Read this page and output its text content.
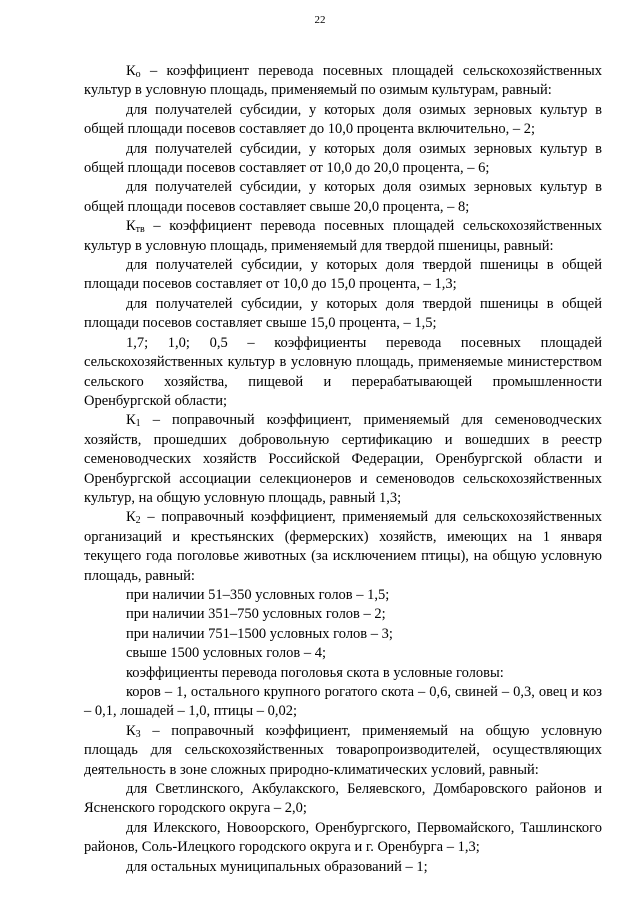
22

$К_о$ – коэффициент перевода посевных площадей сельскохозяйственных культур в условную площадь, применяемый по озимым культурам, равный:

для получателей субсидии, у которых доля озимых зерновых культур в общей площади посевов составляет до 10,0 процента включительно, – 2;

для получателей субсидии, у которых доля озимых зерновых культур в общей площади посевов составляет от 10,0 до 20,0 процента, – 6;

для получателей субсидии, у которых доля озимых зерновых культур в общей площади посевов составляет свыше 20,0 процента, – 8;

$К_{тв}$ – коэффициент перевода посевных площадей сельскохозяйственных культур в условную площадь, применяемый для твердой пшеницы, равный:

для получателей субсидии, у которых доля твердой пшеницы в общей площади посевов составляет от 10,0 до 15,0 процента, – 1,3;

для получателей субсидии, у которых доля твердой пшеницы в общей площади посевов составляет свыше 15,0 процента, – 1,5;

1,7; 1,0; 0,5 – коэффициенты перевода посевных площадей сельскохозяйственных культур в условную площадь, применяемые министерством сельского хозяйства, пищевой и перерабатывающей промышленности Оренбургской области;

$К_1$ – поправочный коэффициент, применяемый для семеноводческих хозяйств, прошедших добровольную сертификацию и вошедших в реестр семеноводческих хозяйств Российской Федерации, Оренбургской области и Оренбургской ассоциации селекционеров и семеноводов сельскохозяйственных культур, на общую условную площадь, равный 1,3;

$К_2$ – поправочный коэффициент, применяемый для сельскохозяйственных организаций и крестьянских (фермерских) хозяйств, имеющих на 1 января текущего года поголовье животных (за исключением птицы), на общую условную площадь, равный:

при наличии 51–350 условных голов – 1,5;

при наличии 351–750 условных голов – 2;

при наличии 751–1500 условных голов – 3;

свыше 1500 условных голов – 4;

коэффициенты перевода поголовья скота в условные головы:

коров – 1, остального крупного рогатого скота – 0,6, свиней – 0,3, овец и коз – 0,1, лошадей – 1,0, птицы – 0,02;

$К_3$ – поправочный коэффициент, применяемый на общую условную площадь для сельскохозяйственных товаропроизводителей, осуществляющих деятельность в зоне сложных природно-климатических условий, равный:

для Светлинского, Акбулакского, Беляевского, Домбаровского районов и Ясненского городского округа – 2,0;

для Илекского, Новоорского, Оренбургского, Первомайского, Ташлинского районов, Соль-Илецкого городского округа и г. Оренбурга – 1,3;

для остальных муниципальных образований – 1;
